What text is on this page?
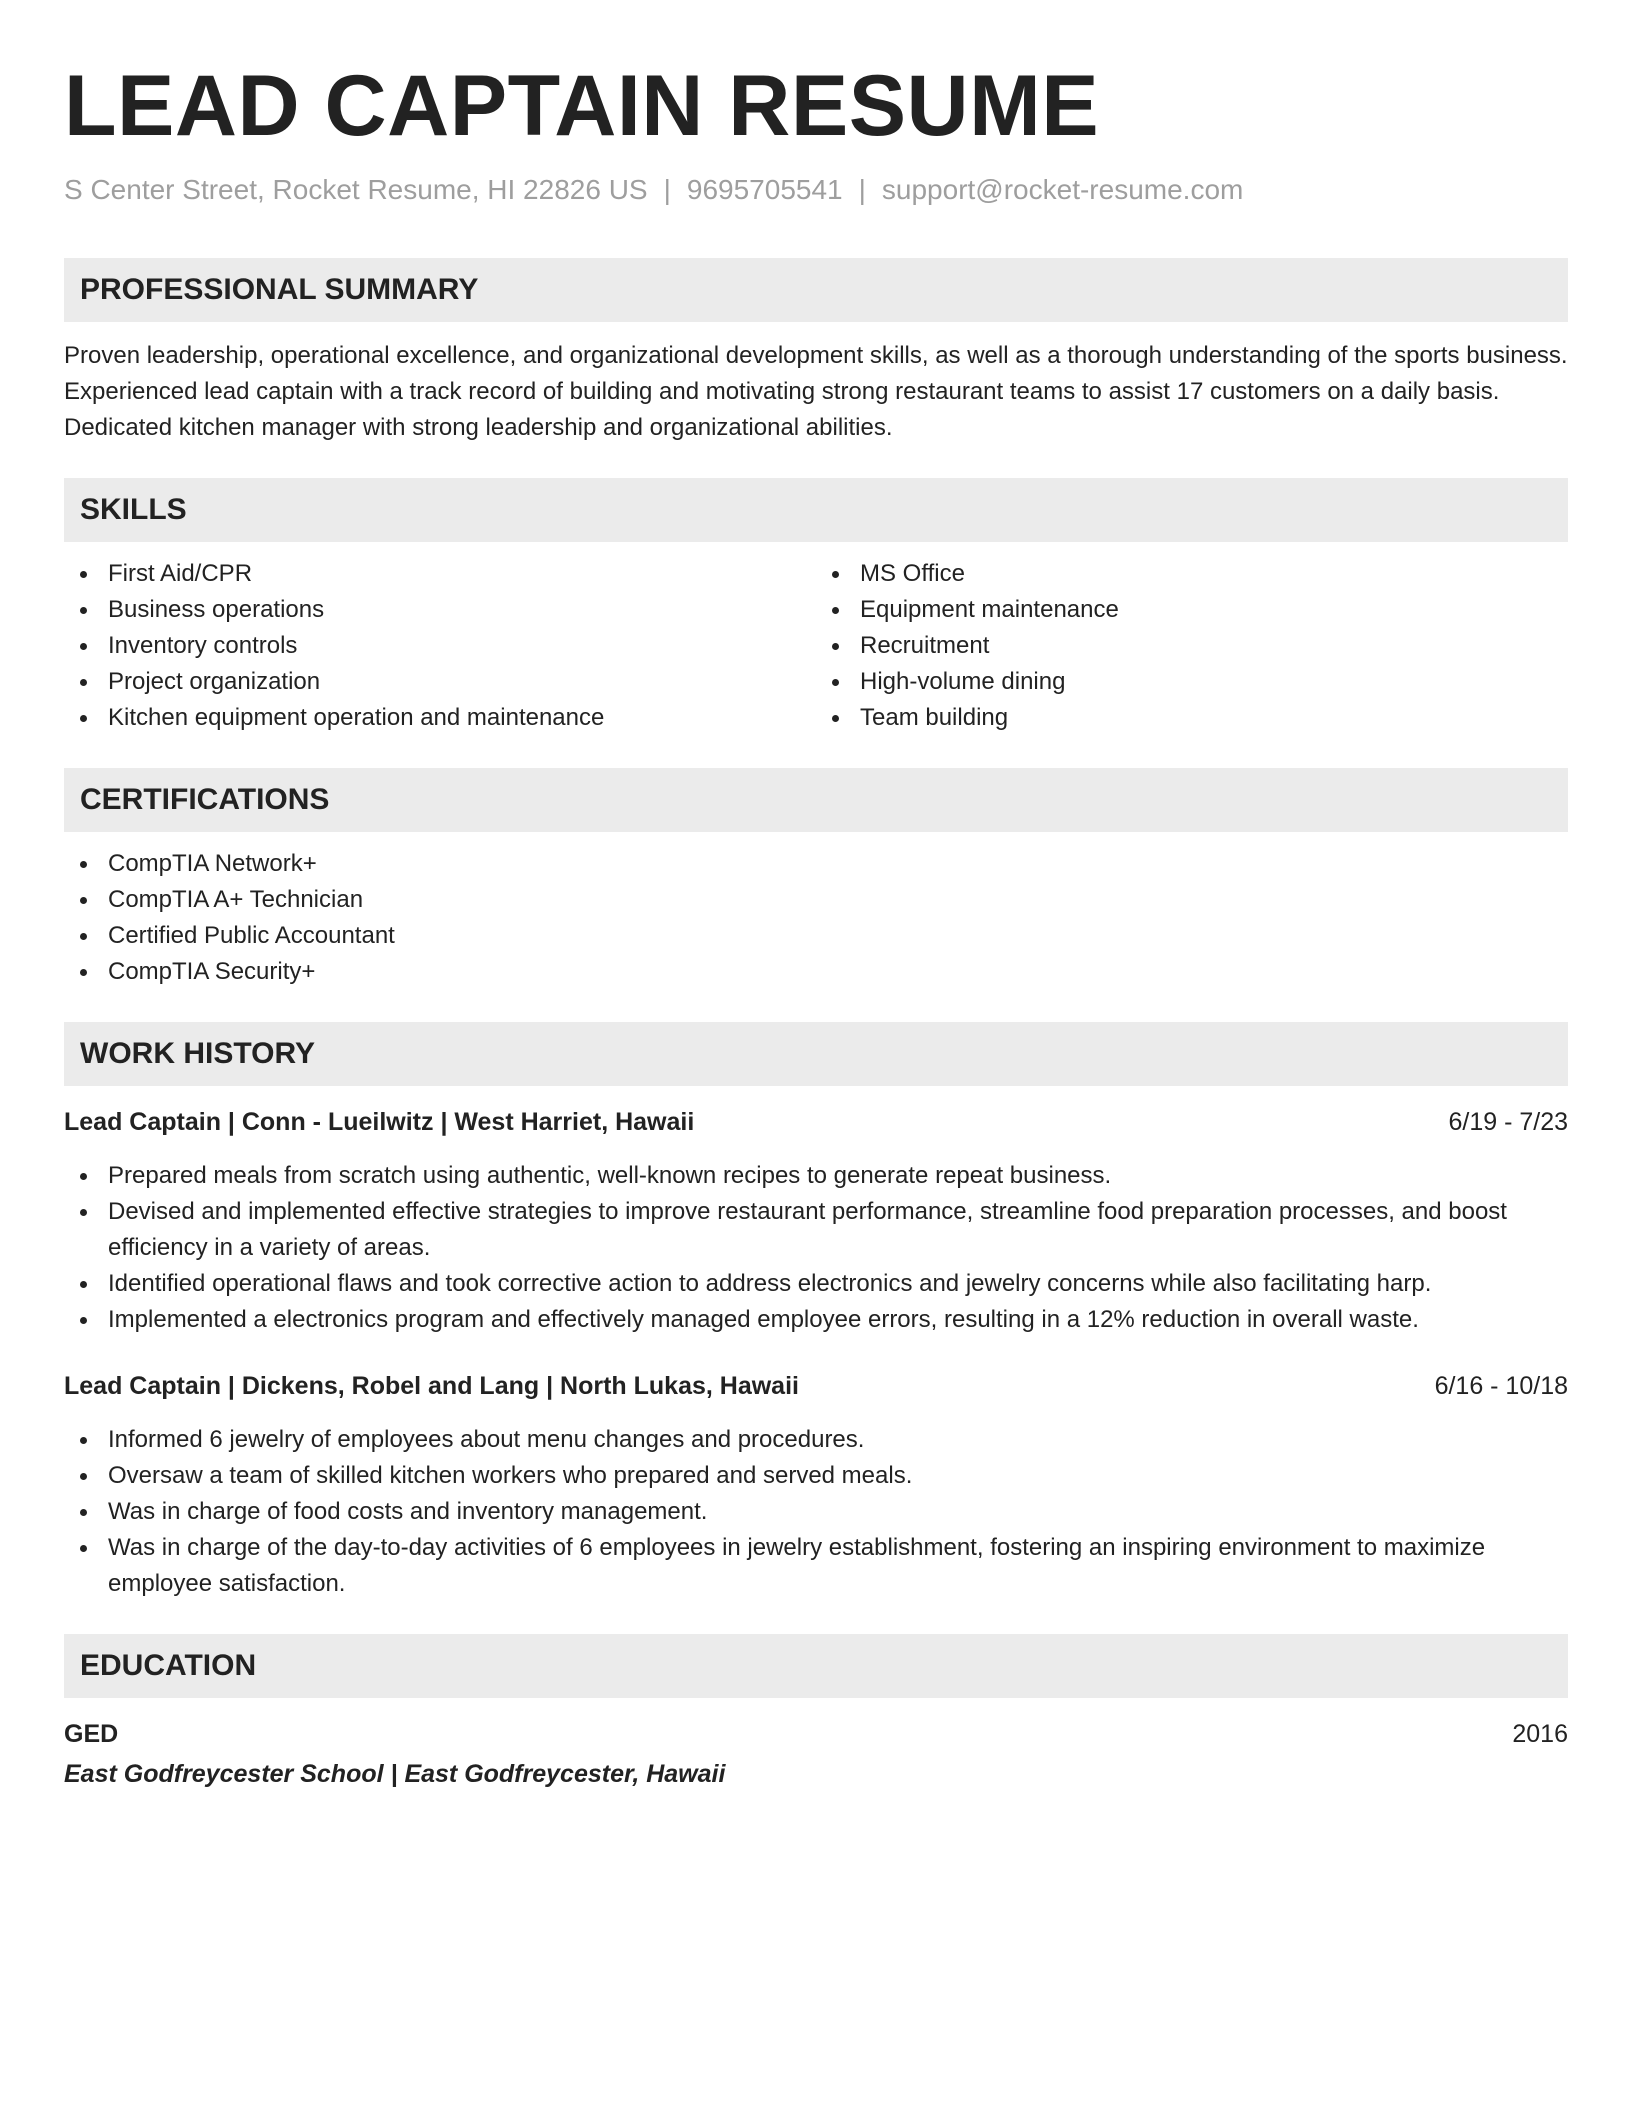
LEAD CAPTAIN RESUME
S Center Street, Rocket Resume, HI 22826 US | 9695705541 | support@rocket-resume.com
PROFESSIONAL SUMMARY

Proven leadership, operational excellence, and organizational development skills, as well as a thorough understanding of the sports business. Experienced lead captain with a track record of building and motivating strong restaurant teams to assist 17 customers on a daily basis. Dedicated kitchen manager with strong leadership and organizational abilities.

SKILLS
First Aid/CPR
Business operations
Inventory controls
Project organization
Kitchen equipment operation and maintenance
MS Office
Equipment maintenance
Recruitment
High-volume dining
Team building
CERTIFICATIONS
CompTIA Network+
CompTIA A+ Technician
Certified Public Accountant
CompTIA Security+
WORK HISTORY
Lead Captain | Conn - Lueilwitz | West Harriet, Hawaii	6/19 - 7/23
Prepared meals from scratch using authentic, well-known recipes to generate repeat business.
Devised and implemented effective strategies to improve restaurant performance, streamline food preparation processes, and boost efficiency in a variety of areas.
Identified operational flaws and took corrective action to address electronics and jewelry concerns while also facilitating harp.
Implemented a electronics program and effectively managed employee errors, resulting in a 12% reduction in overall waste.
Lead Captain | Dickens, Robel and Lang | North Lukas, Hawaii	6/16 - 10/18
Informed 6 jewelry of employees about menu changes and procedures.
Oversaw a team of skilled kitchen workers who prepared and served meals.
Was in charge of food costs and inventory management.
Was in charge of the day-to-day activities of 6 employees in jewelry establishment, fostering an inspiring environment to maximize employee satisfaction.
EDUCATION
GED	2016
East Godfreycester School | East Godfreycester, Hawaii
